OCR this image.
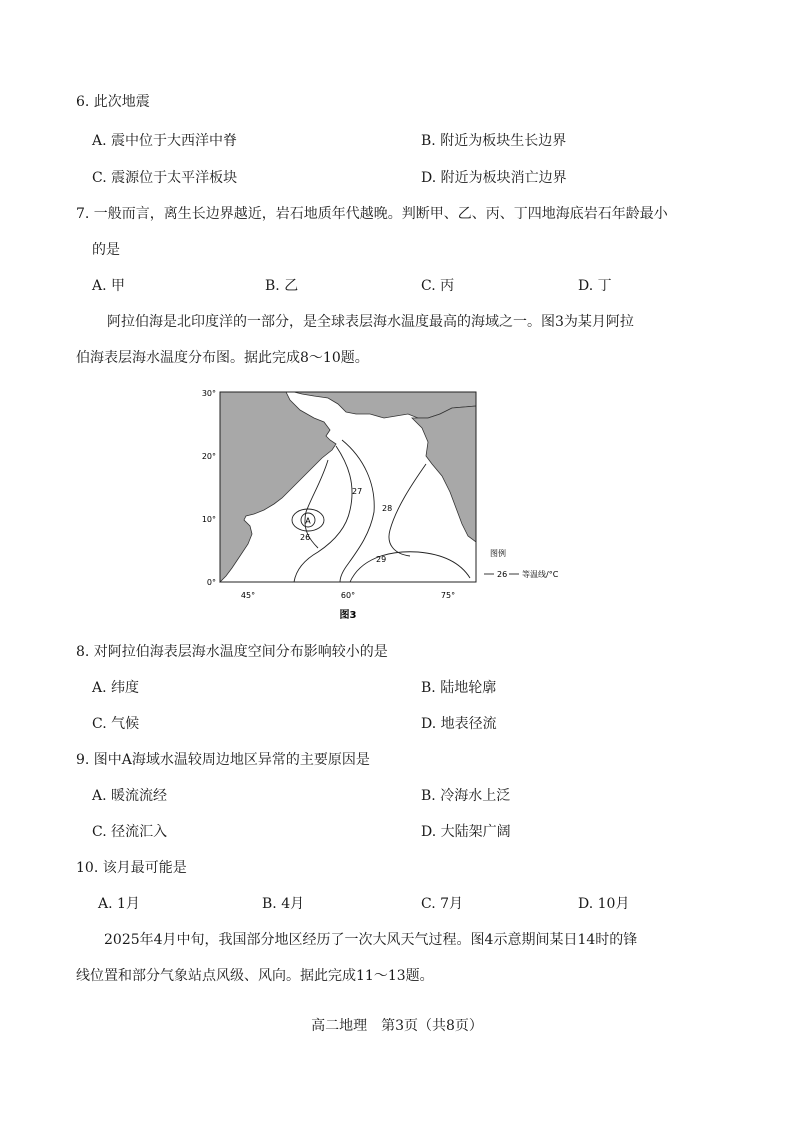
6. 此次地震
A. 震中位于大西洋中脊	B. 附近为板块生长边界
C. 震源位于太平洋板块	D. 附近为板块消亡边界
7. 一般而言，离生长边界越近，岩石地质年代越晚。判断甲、乙、丙、丁四地海底岩石年龄最小
的是
A. 甲	B. 乙	C. 丙	D. 丁
阿拉伯海是北印度洋的一部分，是全球表层海水温度最高的海域之一。图3为某月阿拉
伯海表层海水温度分布图。据此完成8～10题。
A
27
28
26
29
30°
20°
10°
0°
45°	60°	75°
图例
26 等温线/°C
图3
8. 对阿拉伯海表层海水温度空间分布影响较小的是
A. 纬度	B. 陆地轮廓
C. 气候	D. 地表径流
9. 图中A海域水温较周边地区异常的主要原因是
A. 暖流流经	B. 冷海水上泛
C. 径流汇入	D. 大陆架广阔
10. 该月最可能是
A. 1月	B. 4月	C. 7月	D. 10月
2025年4月中旬，我国部分地区经历了一次大风天气过程。图4示意期间某日14时的锋
线位置和部分气象站点风级、风向。据此完成11～13题。
高二地理　第3页（共8页）
